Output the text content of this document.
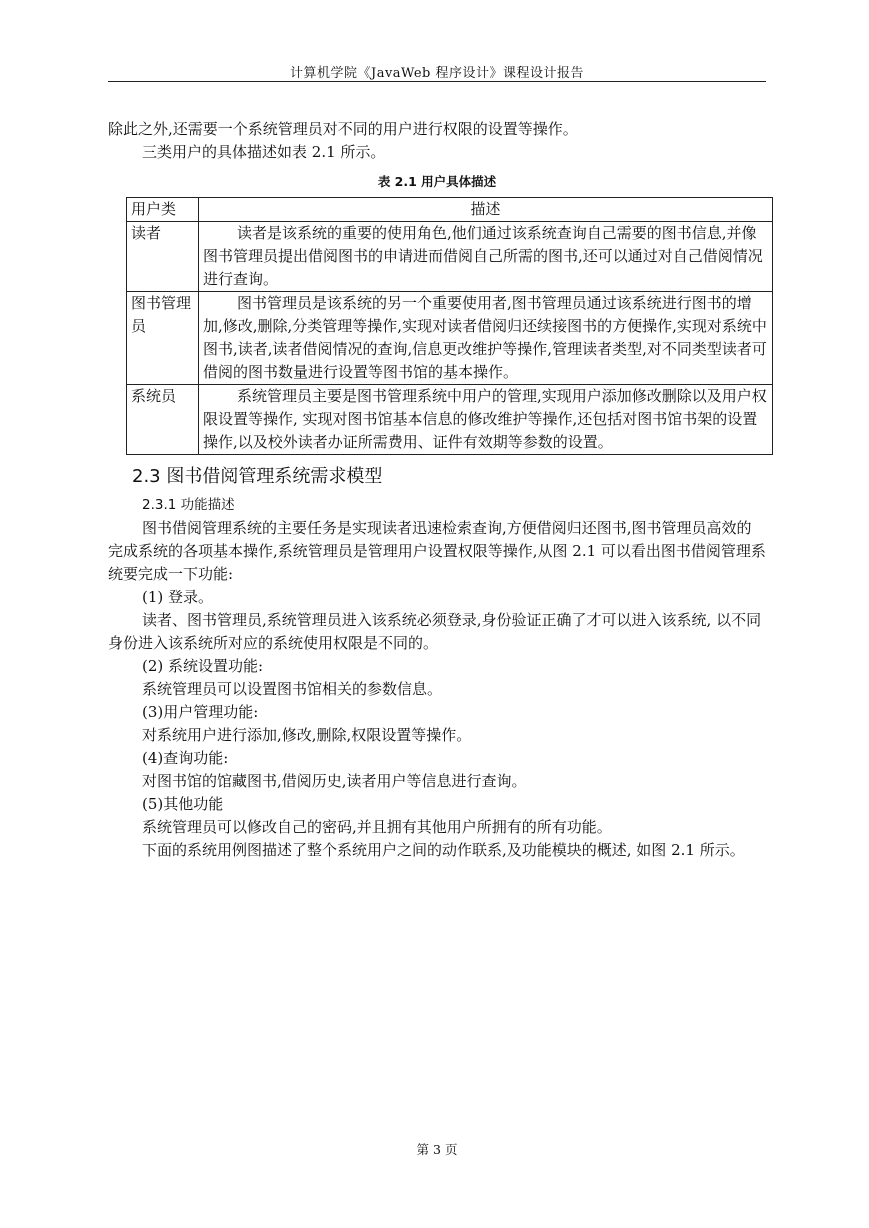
计算机学院《JavaWeb 程序设计》课程设计报告

除此之外,还需要一个系统管理员对不同的用户进行权限的设置等操作。

三类用户的具体描述如表 2.1 所示。

表 2.1 用户具体描述
用户类	描述
读者	读者是该系统的重要的使用角色,他们通过该系统查询自己需要的图书信息,并像图书管理员提出借阅图书的申请进而借阅自己所需的图书,还可以通过对自己借阅情况进行查询。
图书管理员	图书管理员是该系统的另一个重要使用者,图书管理员通过该系统进行图书的增加,修改,删除,分类管理等操作,实现对读者借阅归还续接图书的方便操作,实现对系统中图书,读者,读者借阅情况的查询,信息更改维护等操作,管理读者类型,对不同类型读者可借阅的图书数量进行设置等图书馆的基本操作。
系统员	系统管理员主要是图书管理系统中用户的管理,实现用户添加修改删除以及用户权限设置等操作, 实现对图书馆基本信息的修改维护等操作,还包括对图书馆书架的设置操作,以及校外读者办证所需费用、证件有效期等参数的设置。
2.3 图书借阅管理系统需求模型
2.3.1 功能描述

图书借阅管理系统的主要任务是实现读者迅速检索查询,方便借阅归还图书,图书管理员高效的完成系统的各项基本操作,系统管理员是管理用户设置权限等操作,从图 2.1 可以看出图书借阅管理系统要完成一下功能:

(1) 登录。

读者、图书管理员,系统管理员进入该系统必须登录,身份验证正确了才可以进入该系统, 以不同身份进入该系统所对应的系统使用权限是不同的。

(2) 系统设置功能:

系统管理员可以设置图书馆相关的参数信息。

(3)用户管理功能:

对系统用户进行添加,修改,删除,权限设置等操作。

(4)查询功能:

对图书馆的馆藏图书,借阅历史,读者用户等信息进行查询。

(5)其他功能

系统管理员可以修改自己的密码,并且拥有其他用户所拥有的所有功能。

下面的系统用例图描述了整个系统用户之间的动作联系,及功能模块的概述, 如图 2.1 所示。

第 3 页
